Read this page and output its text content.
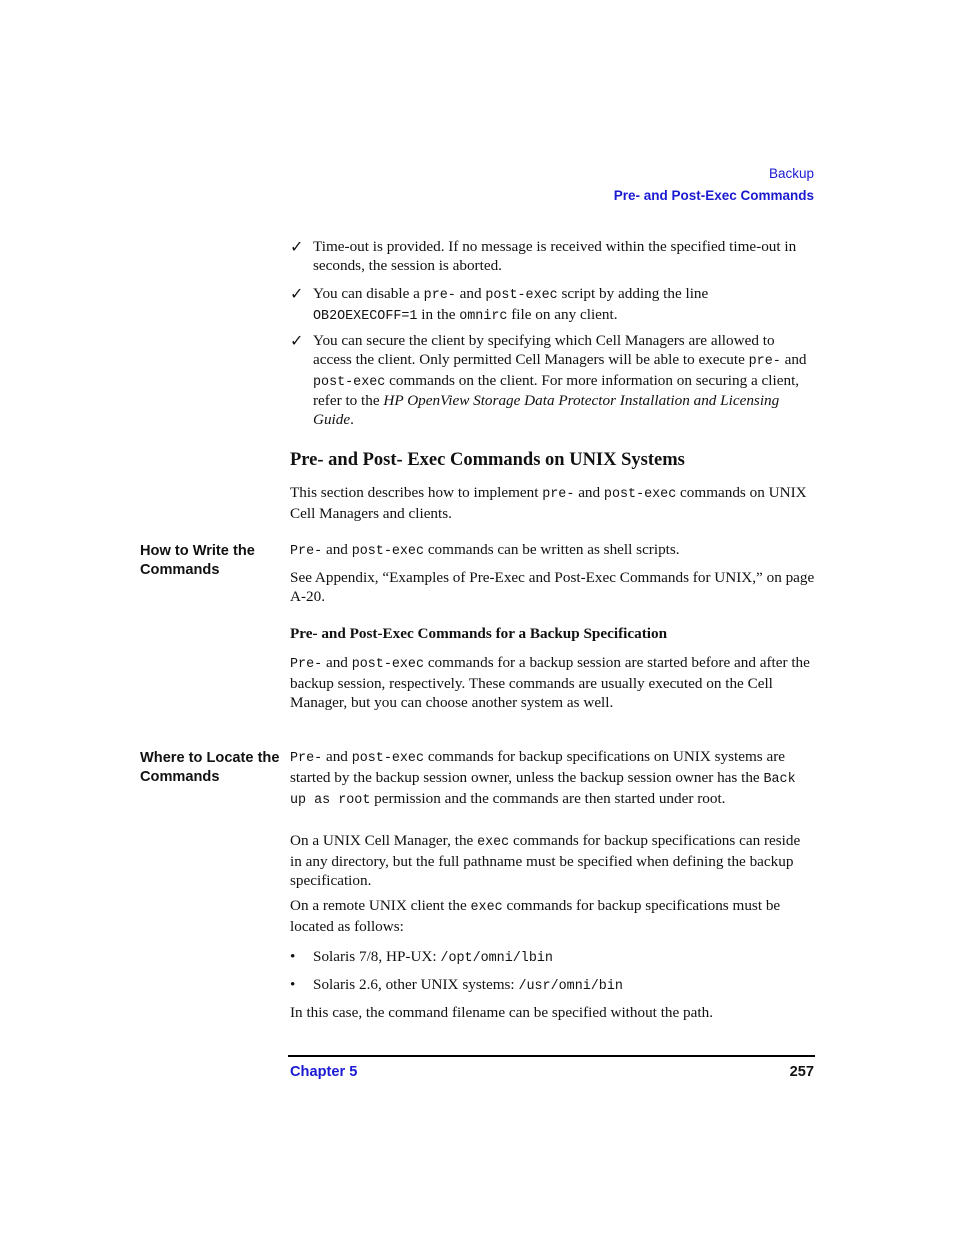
Backup
Pre- and Post-Exec Commands
✓ Time-out is provided. If no message is received within the specified time-out in seconds, the session is aborted.
✓ You can disable a pre- and post-exec script by adding the line OB2OEXECOFF=1 in the omnirc file on any client.
✓ You can secure the client by specifying which Cell Managers are allowed to access the client. Only permitted Cell Managers will be able to execute pre- and post-exec commands on the client. For more information on securing a client, refer to the HP OpenView Storage Data Protector Installation and Licensing Guide.
Pre- and Post- Exec Commands on UNIX Systems
This section describes how to implement pre- and post-exec commands on UNIX Cell Managers and clients.
How to Write the Commands
Pre- and post-exec commands can be written as shell scripts.
See Appendix, “Examples of Pre-Exec and Post-Exec Commands for UNIX,” on page A-20.
Pre- and Post-Exec Commands for a Backup Specification
Pre- and post-exec commands for a backup session are started before and after the backup session, respectively. These commands are usually executed on the Cell Manager, but you can choose another system as well.
Where to Locate the Commands
Pre- and post-exec commands for backup specifications on UNIX systems are started by the backup session owner, unless the backup session owner has the Back up as root permission and the commands are then started under root.
On a UNIX Cell Manager, the exec commands for backup specifications can reside in any directory, but the full pathname must be specified when defining the backup specification.
On a remote UNIX client the exec commands for backup specifications must be located as follows:
• Solaris 7/8, HP-UX: /opt/omni/lbin
• Solaris 2.6, other UNIX systems: /usr/omni/bin
In this case, the command filename can be specified without the path.
Chapter 5	257
